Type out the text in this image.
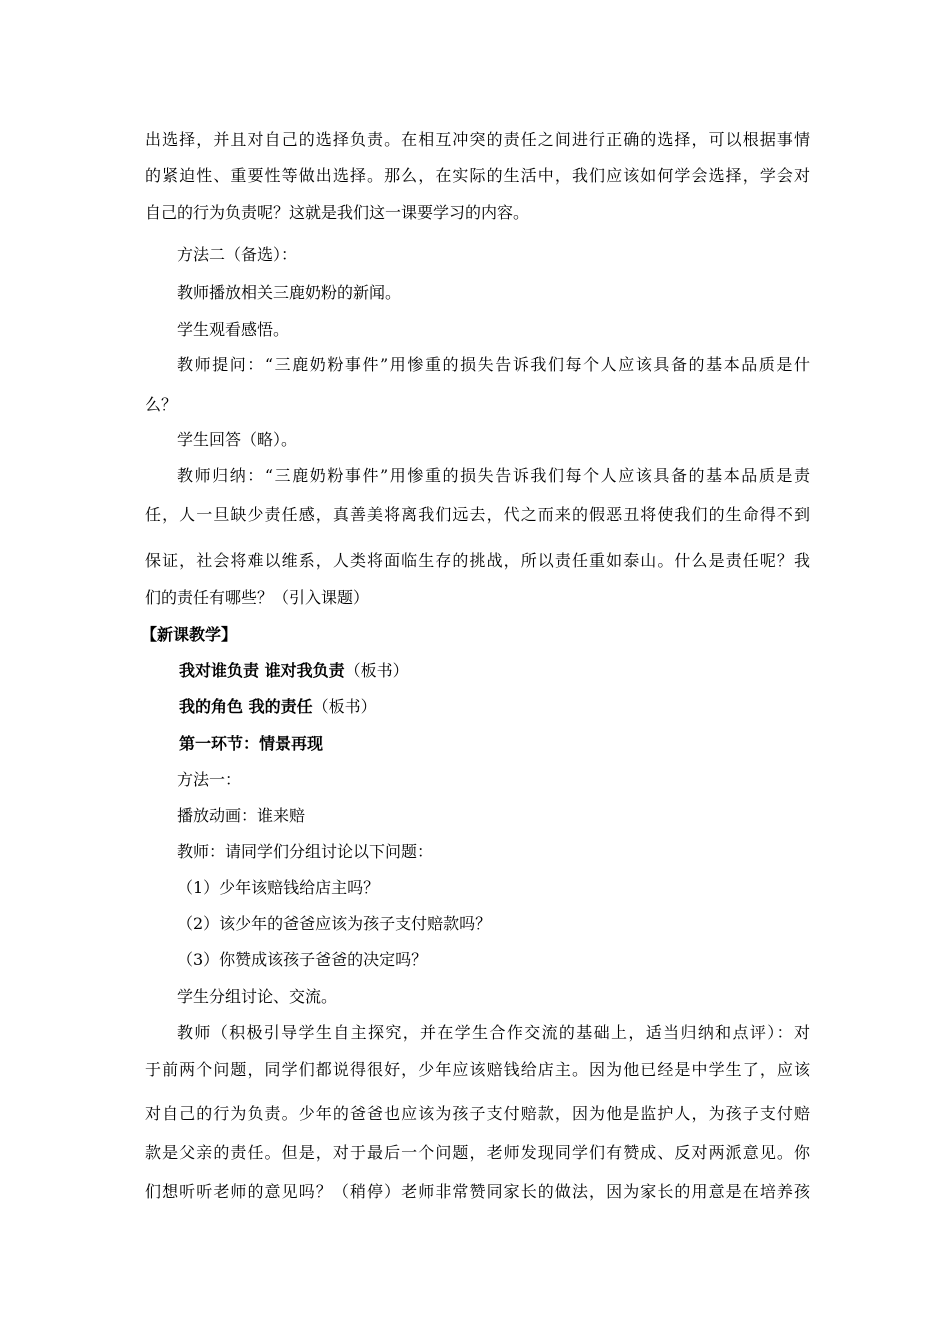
出选择，并且对自己的选择负责。在相互冲突的责任之间进行正确的选择，可以根据事情
的紧迫性、重要性等做出选择。那么，在实际的生活中，我们应该如何学会选择，学会对
自己的行为负责呢？这就是我们这一课要学习的内容。
方法二（备选）：
教师播放相关三鹿奶粉的新闻。
学生观看感悟。
教师提问：“三鹿奶粉事件”用惨重的损失告诉我们每个人应该具备的基本品质是什
么？
学生回答（略）。
教师归纳：“三鹿奶粉事件”用惨重的损失告诉我们每个人应该具备的基本品质是责
任，人一旦缺少责任感，真善美将离我们远去，代之而来的假恶丑将使我们的生命得不到
保证，社会将难以维系，人类将面临生存的挑战，所以责任重如泰山。什么是责任呢？我
们的责任有哪些？（引入课题）
【新课教学】
我对谁负责 谁对我负责（板书）
我的角色 我的责任（板书）
第一环节：情景再现
方法一：
播放动画：谁来赔
教师：请同学们分组讨论以下问题：
（1）少年该赔钱给店主吗？
（2）该少年的爸爸应该为孩子支付赔款吗？
（3）你赞成该孩子爸爸的决定吗？
学生分组讨论、交流。
教师（积极引导学生自主探究，并在学生合作交流的基础上，适当归纳和点评）：对
于前两个问题，同学们都说得很好，少年应该赔钱给店主。因为他已经是中学生了，应该
对自己的行为负责。少年的爸爸也应该为孩子支付赔款，因为他是监护人，为孩子支付赔
款是父亲的责任。但是，对于最后一个问题，老师发现同学们有赞成、反对两派意见。你
们想听听老师的意见吗？（稍停）老师非常赞同家长的做法，因为家长的用意是在培养孩
